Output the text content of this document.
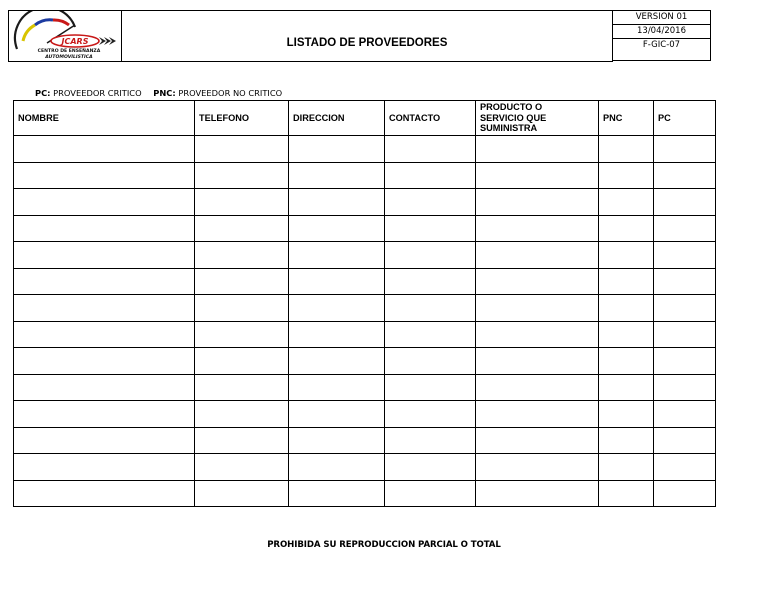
JCARS
CENTRO DE ENSEÑANZA
AUTOMOVILISTICA
LISTADO DE PROVEEDORES
VERSION 01
13/04/2016
F-GIC-07
PC: PROVEEDOR CRITICO PNC: PROVEEDOR NO CRITICO
NOMBRE	TELEFONO	DIRECCION	CONTACTO	PRODUCTO O SERVICIO QUE SUMINISTRA	PNC	PC

PROHIBIDA SU REPRODUCCION PARCIAL O TOTAL
